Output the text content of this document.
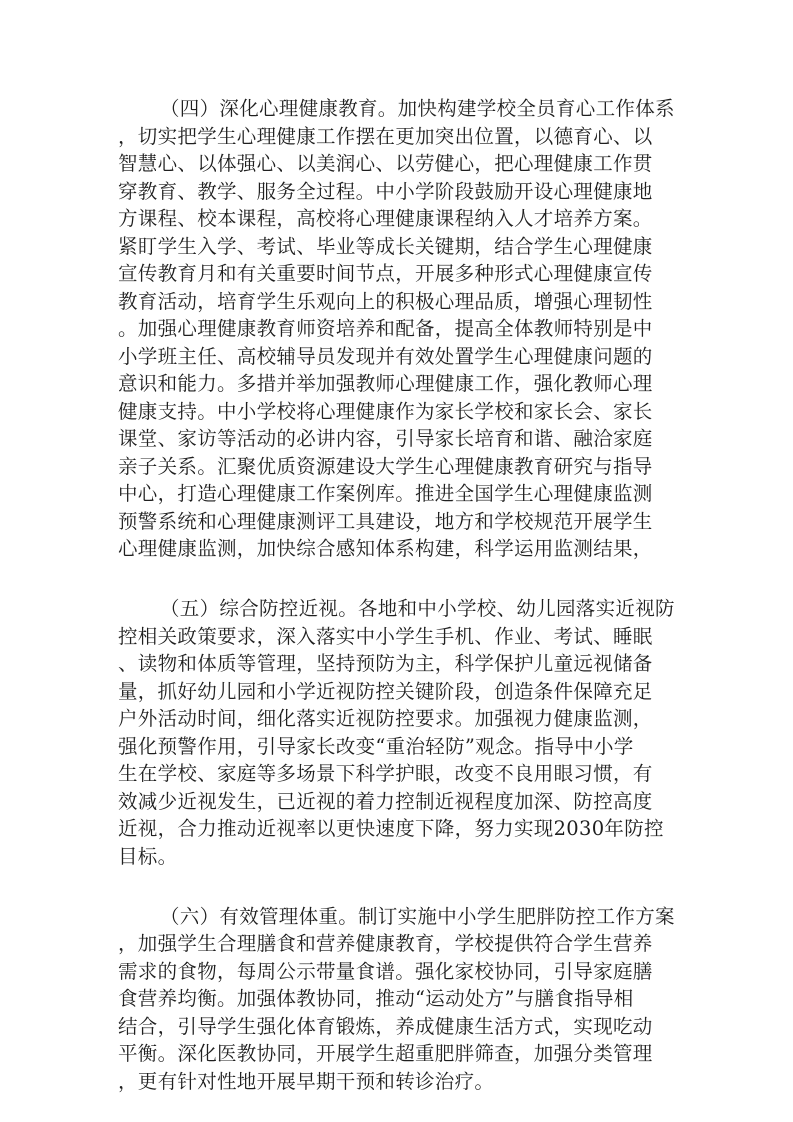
（四）深化心理健康教育。加快构建学校全员育心工作体系
，切实把学生心理健康工作摆在更加突出位置，以德育心、以
智慧心、以体强心、以美润心、以劳健心，把心理健康工作贯
穿教育、教学、服务全过程。中小学阶段鼓励开设心理健康地
方课程、校本课程，高校将心理健康课程纳入人才培养方案。
紧盯学生入学、考试、毕业等成长关键期，结合学生心理健康
宣传教育月和有关重要时间节点，开展多种形式心理健康宣传
教育活动，培育学生乐观向上的积极心理品质，增强心理韧性
。加强心理健康教育师资培养和配备，提高全体教师特别是中
小学班主任、高校辅导员发现并有效处置学生心理健康问题的
意识和能力。多措并举加强教师心理健康工作，强化教师心理
健康支持。中小学校将心理健康作为家长学校和家长会、家长
课堂、家访等活动的必讲内容，引导家长培育和谐、融洽家庭
亲子关系。汇聚优质资源建设大学生心理健康教育研究与指导
中心，打造心理健康工作案例库。推进全国学生心理健康监测
预警系统和心理健康测评工具建设，地方和学校规范开展学生
心理健康监测，加快综合感知体系构建，科学运用监测结果，
（五）综合防控近视。各地和中小学校、幼儿园落实近视防
控相关政策要求，深入落实中小学生手机、作业、考试、睡眠
、读物和体质等管理，坚持预防为主，科学保护儿童远视储备
量，抓好幼儿园和小学近视防控关键阶段，创造条件保障充足
户外活动时间，细化落实近视防控要求。加强视力健康监测，
强化预警作用，引导家长改变“重治轻防”观念。指导中小学
生在学校、家庭等多场景下科学护眼，改变不良用眼习惯，有
效减少近视发生，已近视的着力控制近视程度加深、防控高度
近视，合力推动近视率以更快速度下降，努力实现2030年防控
目标。
（六）有效管理体重。制订实施中小学生肥胖防控工作方案
，加强学生合理膳食和营养健康教育，学校提供符合学生营养
需求的食物，每周公示带量食谱。强化家校协同，引导家庭膳
食营养均衡。加强体教协同，推动“运动处方”与膳食指导相
结合，引导学生强化体育锻炼，养成健康生活方式，实现吃动
平衡。深化医教协同，开展学生超重肥胖筛查，加强分类管理
，更有针对性地开展早期干预和转诊治疗。
